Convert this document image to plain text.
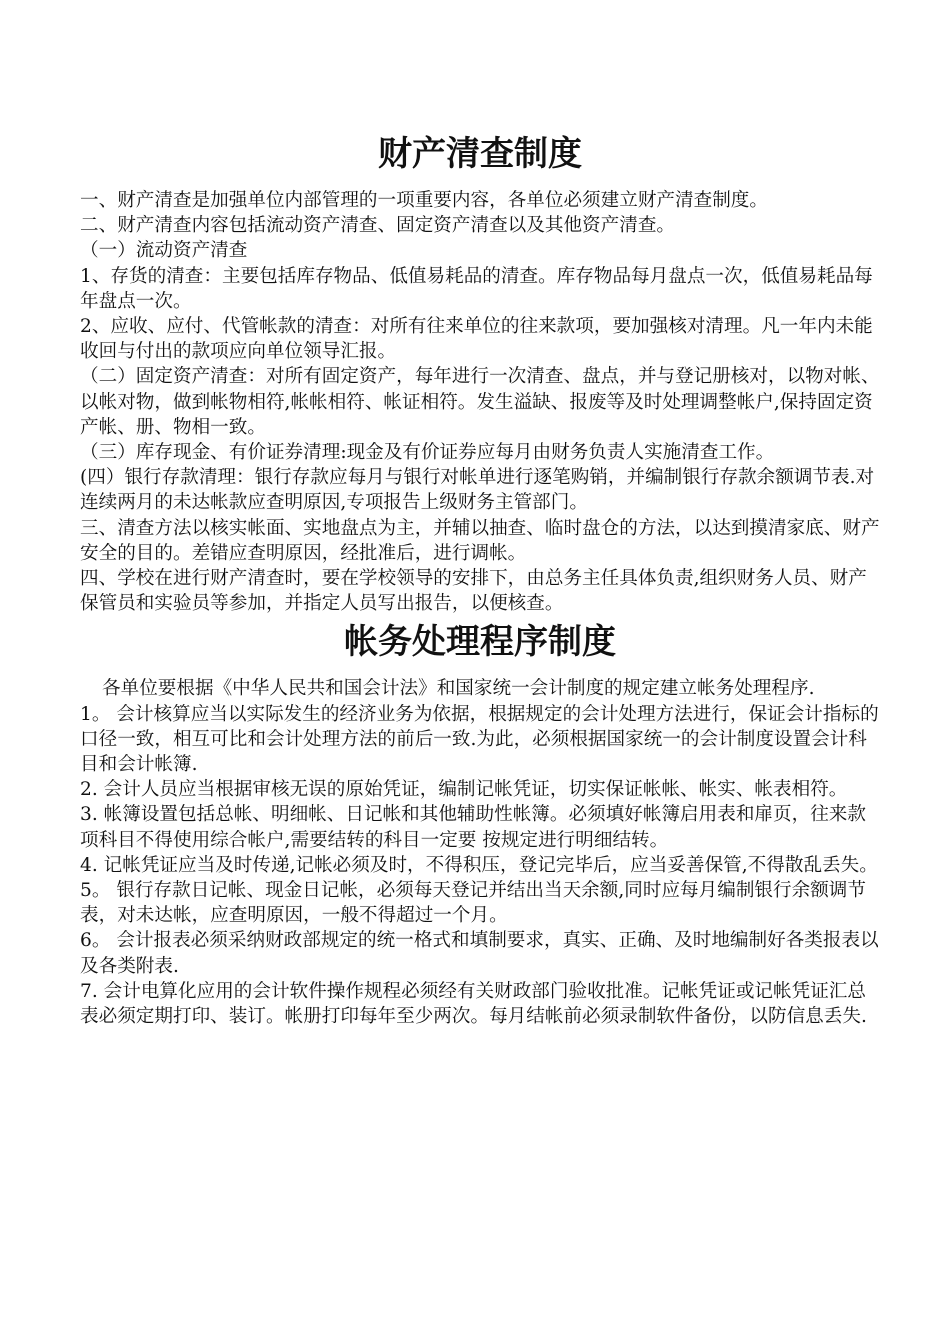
财产清查制度

一、财产清查是加强单位内部管理的一项重要内容，各单位必须建立财产清查制度。

二、财产清查内容包括流动资产清查、固定资产清查以及其他资产清查。

（一）流动资产清查

1、存货的清查：主要包括库存物品、低值易耗品的清查。库存物品每月盘点一次，低值易耗品每年盘点一次。

2、应收、应付、代管帐款的清查：对所有往来单位的往来款项，要加强核对清理。凡一年内未能收回与付出的款项应向单位领导汇报。

（二）固定资产清查：对所有固定资产，每年进行一次清查、盘点，并与登记册核对，以物对帐、以帐对物，做到帐物相符,帐帐相符、帐证相符。发生溢缺、报废等及时处理调整帐户,保持固定资产帐、册、物相一致。

（三）库存现金、有价证券清理:现金及有价证券应每月由财务负责人实施清查工作。

(四）银行存款清理：银行存款应每月与银行对帐单进行逐笔购销，并编制银行存款余额调节表.对连续两月的未达帐款应查明原因,专项报告上级财务主管部门。

三、清查方法以核实帐面、实地盘点为主，并辅以抽查、临时盘仓的方法，以达到摸清家底、财产安全的目的。差错应查明原因，经批准后，进行调帐。

四、学校在进行财产清查时，要在学校领导的安排下，由总务主任具体负责,组织财务人员、财产保管员和实验员等参加，并指定人员写出报告，以便核查。

帐务处理程序制度

各单位要根据《中华人民共和国会计法》和国家统一会计制度的规定建立帐务处理程序.

1。 会计核算应当以实际发生的经济业务为依据，根据规定的会计处理方法进行，保证会计指标的口径一致，相互可比和会计处理方法的前后一致.为此，必须根据国家统一的会计制度设置会计科目和会计帐簿.

2. 会计人员应当根据审核无误的原始凭证，编制记帐凭证，切实保证帐帐、帐实、帐表相符。

3. 帐簿设置包括总帐、明细帐、日记帐和其他辅助性帐簿。必须填好帐簿启用表和扉页，往来款项科目不得使用综合帐户,需要结转的科目一定要 按规定进行明细结转。

4. 记帐凭证应当及时传递,记帐必须及时，不得积压，登记完毕后，应当妥善保管,不得散乱丢失。

5。 银行存款日记帐、现金日记帐，必须每天登记并结出当天余额,同时应每月编制银行余额调节表，对未达帐，应查明原因，一般不得超过一个月。

6。 会计报表必须采纳财政部规定的统一格式和填制要求，真实、正确、及时地编制好各类报表以及各类附表.

7. 会计电算化应用的会计软件操作规程必须经有关财政部门验收批准。记帐凭证或记帐凭证汇总表必须定期打印、装订。帐册打印每年至少两次。每月结帐前必须录制软件备份，以防信息丢失.
